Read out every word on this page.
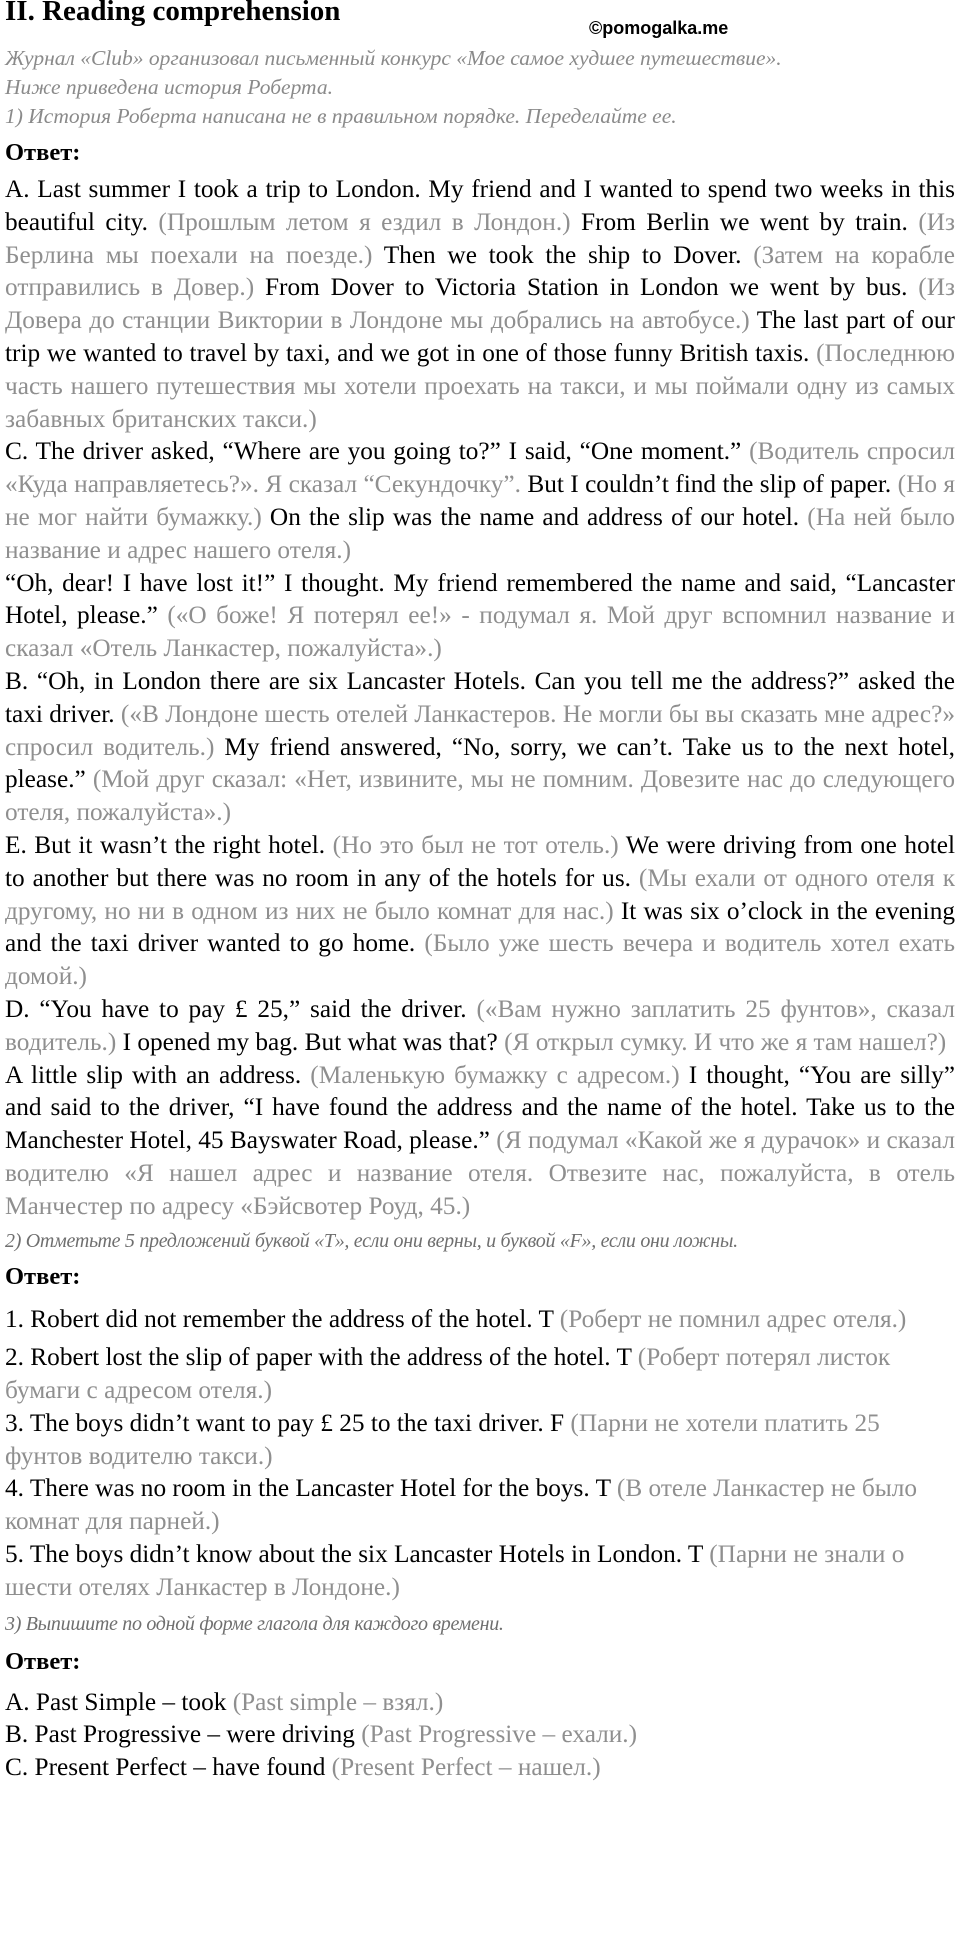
II. Reading comprehension
©pomogalka.me
Журнал «Club» организовал письменный конкурс «Мое самое худшее путешествие».
Ниже приведена история Роберта.
1) История Роберта написана не в правильном порядке. Переделайте ее.
Ответ:

A. Last summer I took a trip to London. My friend and I wanted to spend two weeks in this beautiful city. (Прошлым летом я ездил в Лондон.) From Berlin we went by train. (Из Берлина мы поехали на поезде.) Then we took the ship to Dover. (Затем на корабле отправились в Довер.) From Dover to Victoria Station in London we went by bus. (Из Довера до станции Виктории в Лондоне мы добрались на автобусе.) The last part of our trip we wanted to travel by taxi, and we got in one of those funny British taxis. (Последнюю часть нашего путешествия мы хотели проехать на такси, и мы поймали одну из самых забавных британских такси.)

C. The driver asked, “Where are you going to?” I said, “One moment.” (Водитель спросил «Куда направляетесь?». Я сказал “Секундочку”. But I couldn’t find the slip of paper. (Но я не мог найти бумажку.) On the slip was the name and address of our hotel. (На ней было название и адрес нашего отеля.)

“Oh, dear! I have lost it!” I thought. My friend remembered the name and said, “Lancaster Hotel, please.” («О боже! Я потерял ее!» - подумал я. Мой друг вспомнил название и сказал «Отель Ланкастер, пожалуйста».)

B. “Oh, in London there are six Lancaster Hotels. Can you tell me the address?” asked the taxi driver. («В Лондоне шесть отелей Ланкастеров. Не могли бы вы сказать мне адрес?» спросил водитель.) My friend answered, “No, sorry, we can’t. Take us to the next hotel, please.” (Мой друг сказал: «Нет, извините, мы не помним. Довезите нас до следующего отеля, пожалуйста».)

E. But it wasn’t the right hotel. (Но это был не тот отель.) We were driving from one hotel to another but there was no room in any of the hotels for us. (Мы ехали от одного отеля к другому, но ни в одном из них не было комнат для нас.) It was six o’clock in the evening and the taxi driver wanted to go home. (Было уже шесть вечера и водитель хотел ехать домой.)

D. “You have to pay £ 25,” said the driver. («Вам нужно заплатить 25 фунтов», сказал водитель.) I opened my bag. But what was that? (Я открыл сумку. И что же я там нашел?)

A little slip with an address. (Маленькую бумажку с адресом.) I thought, “You are silly” and said to the driver, “I have found the address and the name of the hotel. Take us to the Manchester Hotel, 45 Bayswater Road, please.” (Я подумал «Какой же я дурачок» и сказал водителю «Я нашел адрес и название отеля. Отвезите нас, пожалуйста, в отель Манчестер по адресу «Бэйсвотер Роуд, 45.)

2) Отметьте 5 предложений буквой «T», если они верны, и буквой «F», если они ложны.
Ответ:
1. Robert did not remember the address of the hotel. T (Роберт не помнил адрес отеля.)
2. Robert lost the slip of paper with the address of the hotel. T (Роберт потерял листок бумаги с адресом отеля.)
3. The boys didn’t want to pay £ 25 to the taxi driver. F (Парни не хотели платить 25 фунтов водителю такси.)
4. There was no room in the Lancaster Hotel for the boys. T (В отеле Ланкастер не было комнат для парней.)
5. The boys didn’t know about the six Lancaster Hotels in London. T (Парни не знали о шести отелях Ланкастер в Лондоне.)
3) Выпишите по одной форме глагола для каждого времени.
Ответ:
A. Past Simple – took (Past simple – взял.)
B. Past Progressive – were driving (Past Progressive – ехали.)
C. Present Perfect – have found (Present Perfect – нашел.)
